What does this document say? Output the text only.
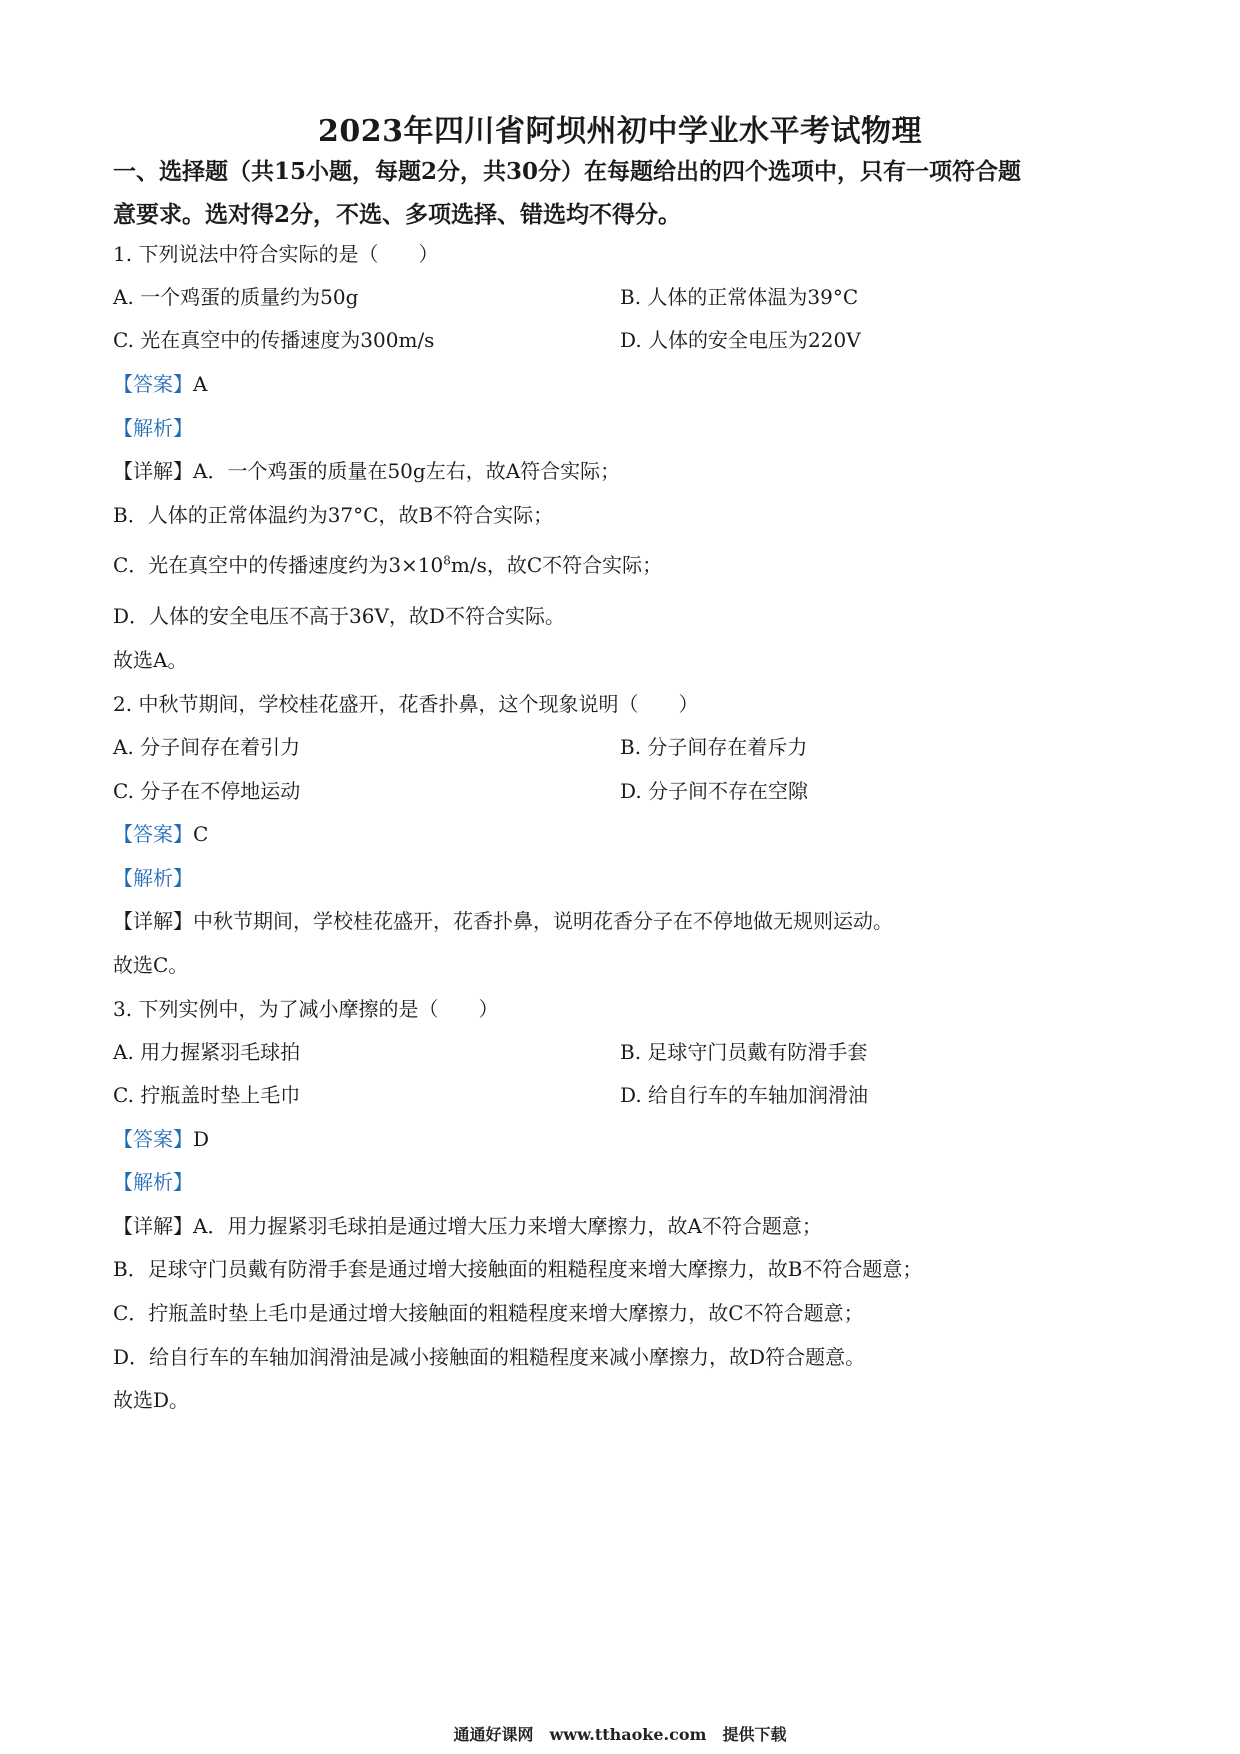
2023年四川省阿坝州初中学业水平考试物理
一、选择题（共15小题，每题2分，共30分）在每题给出的四个选项中，只有一项符合题
意要求。选对得2分，不选、多项选择、错选均不得分。
1. 下列说法中符合实际的是（　　）
A. 一个鸡蛋的质量约为50g	B. 人体的正常体温为39°C
C. 光在真空中的传播速度为300m/s	D. 人体的安全电压为220V
【答案】A
【解析】
【详解】A．一个鸡蛋的质量在50g左右，故A符合实际；
B．人体的正常体温约为37°C，故B不符合实际；
C．光在真空中的传播速度约为$3\times 10^8m/s$，故C不符合实际；
D．人体的安全电压不高于36V，故D不符合实际。
故选A。
2. 中秋节期间，学校桂花盛开，花香扑鼻，这个现象说明（　　）
A. 分子间存在着引力	B. 分子间存在着斥力
C. 分子在不停地运动	D. 分子间不存在空隙
【答案】C
【解析】
【详解】中秋节期间，学校桂花盛开，花香扑鼻，说明花香分子在不停地做无规则运动。
故选C。
3. 下列实例中，为了减小摩擦的是（　　）
A. 用力握紧羽毛球拍	B. 足球守门员戴有防滑手套
C. 拧瓶盖时垫上毛巾	D. 给自行车的车轴加润滑油
【答案】D
【解析】
【详解】A．用力握紧羽毛球拍是通过增大压力来增大摩擦力，故A不符合题意；
B．足球守门员戴有防滑手套是通过增大接触面的粗糙程度来增大摩擦力，故B不符合题意；
C．拧瓶盖时垫上毛巾是通过增大接触面的粗糙程度来增大摩擦力，故C不符合题意；
D．给自行车的车轴加润滑油是减小接触面的粗糙程度来减小摩擦力，故D符合题意。
故选D。
通通好课网　www.tthaoke.com　提供下载
